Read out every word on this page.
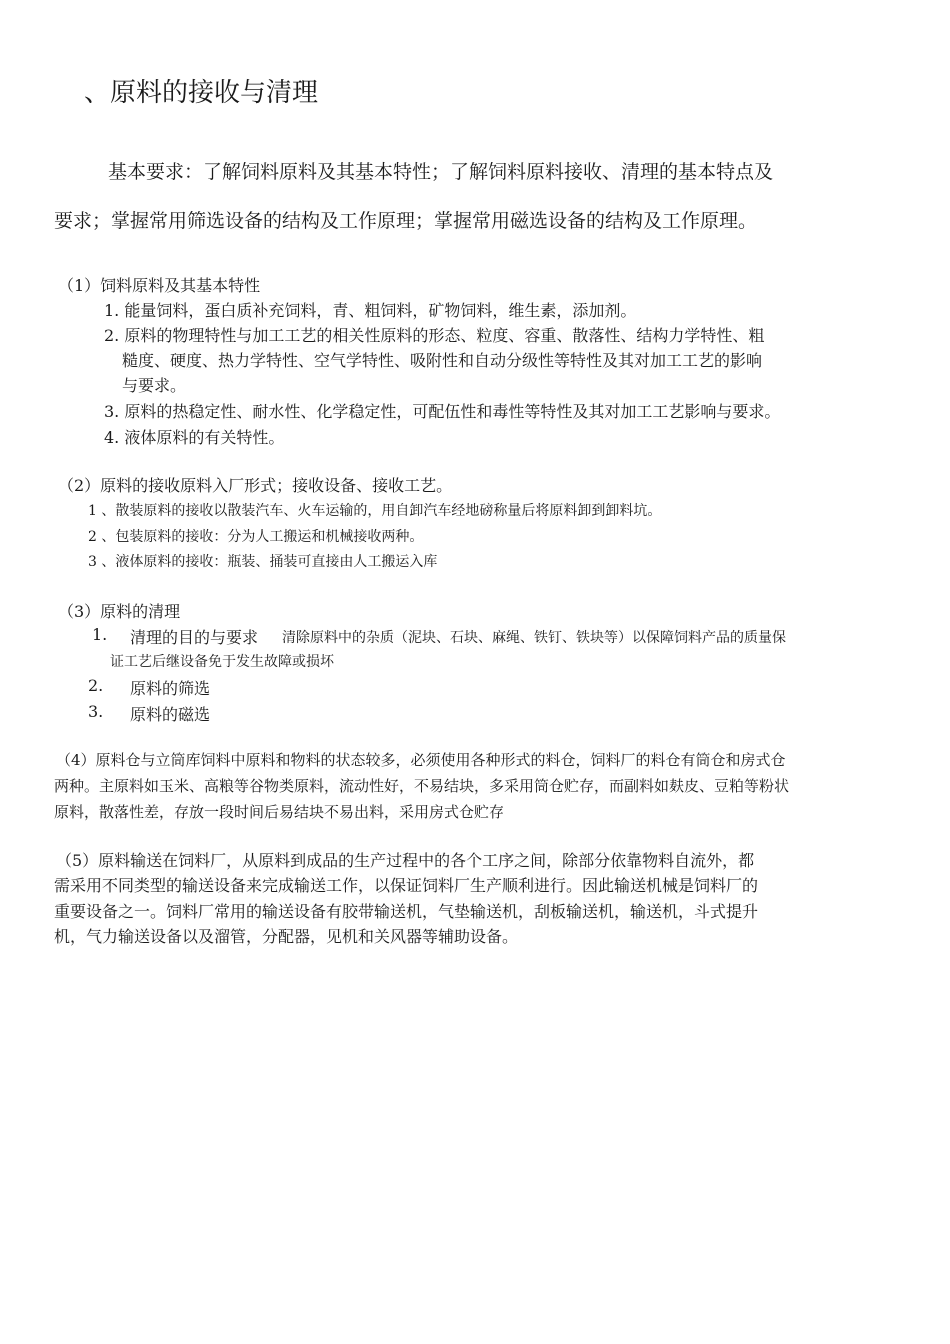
、原料的接收与清理
基本要求：了解饲料原料及其基本特性；了解饲料原料接收、清理的基本特点及
要求；掌握常用筛选设备的结构及工作原理；掌握常用磁选设备的结构及工作原理。
（1）饲料原料及其基本特性
1. 能量饲料，蛋白质补充饲料，青、粗饲料，矿物饲料，维生素，添加剂。
2. 原料的物理特性与加工工艺的相关性原料的形态、粒度、容重、散落性、结构力学特性、粗
糙度、硬度、热力学特性、空气学特性、吸附性和自动分级性等特性及其对加工工艺的影响
与要求。
3. 原料的热稳定性、耐水性、化学稳定性，可配伍性和毒性等特性及其对加工工艺影响与要求。
4. 液体原料的有关特性。
（2）原料的接收原料入厂形式；接收设备、接收工艺。
1 、散装原料的接收以散装汽车、火车运输的，用自卸汽车经地磅称量后将原料卸到卸料坑。
2 、包装原料的接收：分为人工搬运和机械接收两种。
3 、液体原料的接收：瓶装、捅装可直接由人工搬运入库
（3）原料的清理
1. 清理的目的与要求 清除原料中的杂质（泥块、石块、麻绳、铁钉、铁块等）以保障饲料产品的质量保
证工艺后继设备免于发生故障或损坏
2. 原料的筛选
3. 原料的磁选
（4）原料仓与立筒库饲料中原料和物料的状态较多，必须使用各种形式的料仓，饲料厂的料仓有筒仓和房式仓
两种。主原料如玉米、高粮等谷物类原料，流动性好，不易结块，多采用筒仓贮存，而副料如麸皮、豆粕等粉状
原料，散落性差，存放一段时间后易结块不易出料，采用房式仓贮存
（5）原料输送在饲料厂，从原料到成品的生产过程中的各个工序之间，除部分依靠物料自流外，都
需采用不同类型的输送设备来完成输送工作，以保证饲料厂生产顺利进行。因此输送机械是饲料厂的
重要设备之一。饲料厂常用的输送设备有胶带输送机，气垫输送机，刮板输送机，输送机，斗式提升
机，气力输送设备以及溜管，分配器，见机和关风器等辅助设备。
